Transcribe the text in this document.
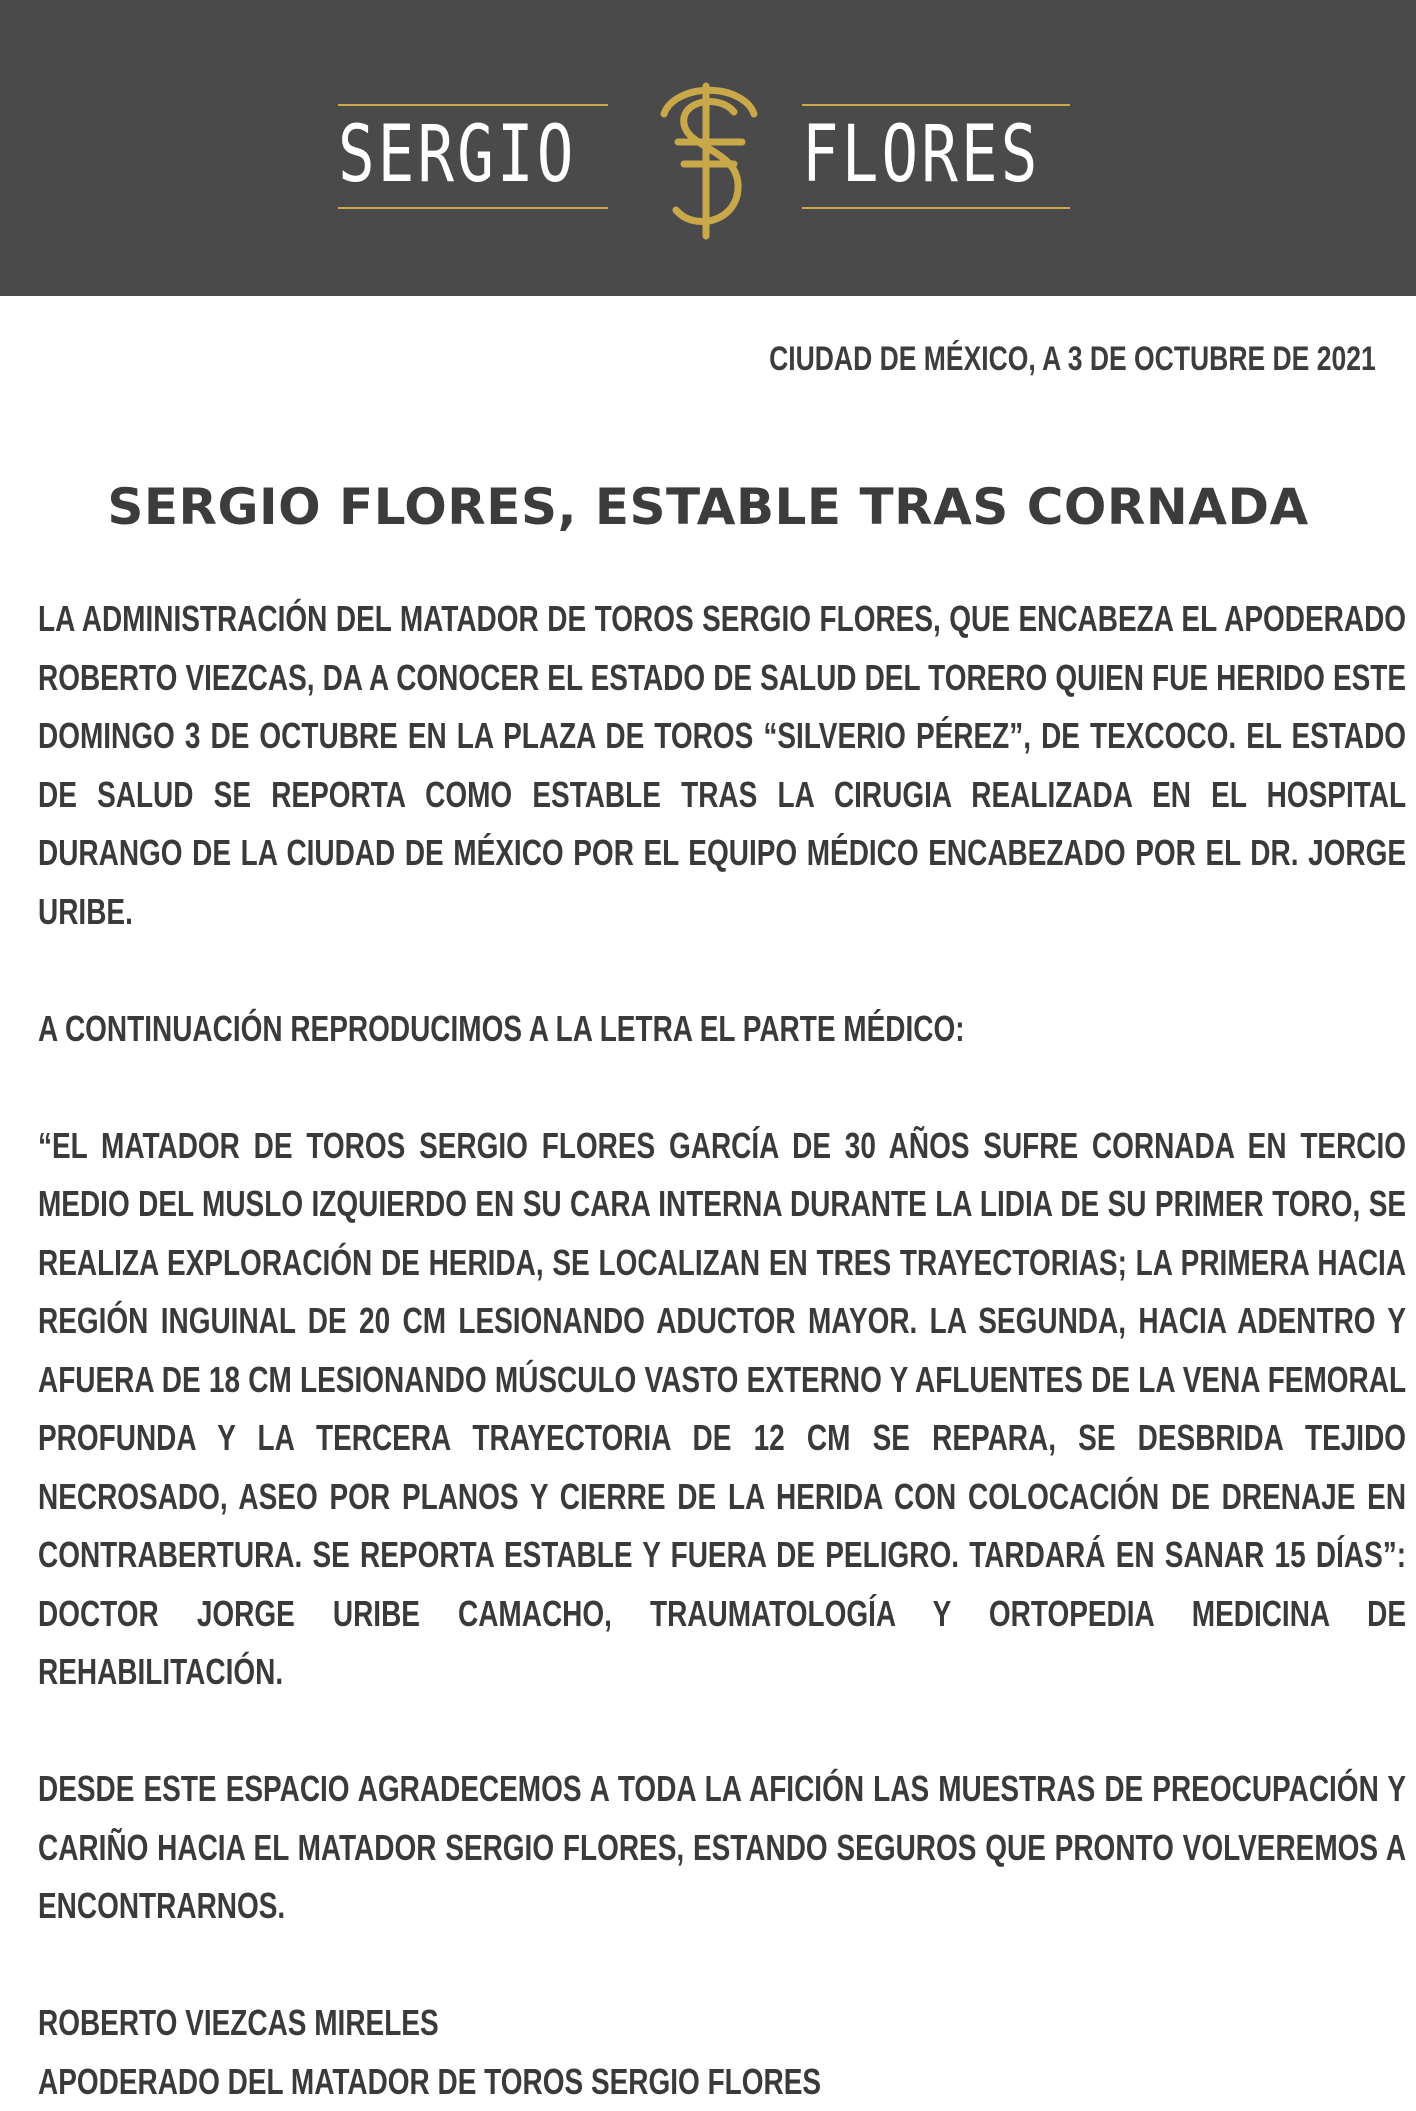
SERGIO	FLORES
CIUDAD DE MÉXICO, A 3 DE OCTUBRE DE 2021
SERGIO FLORES, ESTABLE TRAS CORNADA

LA ADMINISTRACIÓN DEL MATADOR DE TOROS SERGIO FLORES, QUE ENCABEZA EL APODERADO ROBERTO VIEZCAS, DA A CONOCER EL ESTADO DE SALUD DEL TORERO QUIEN FUE HERIDO ESTE DOMINGO 3 DE OCTUBRE EN LA PLAZA DE TOROS “SILVERIO PÉREZ”, DE TEXCOCO. EL ESTADO DE SALUD SE REPORTA COMO ESTABLE TRAS LA CIRUGIA REALIZADA EN EL HOSPITAL DURANGO DE LA CIUDAD DE MÉXICO POR EL EQUIPO MÉDICO ENCABEZADO POR EL DR. JORGE URIBE.

A CONTINUACIÓN REPRODUCIMOS A LA LETRA EL PARTE MÉDICO:

“EL MATADOR DE TOROS SERGIO FLORES GARCÍA DE 30 AÑOS SUFRE CORNADA EN TERCIO MEDIO DEL MUSLO IZQUIERDO EN SU CARA INTERNA DURANTE LA LIDIA DE SU PRIMER TORO, SE REALIZA EXPLORACIÓN DE HERIDA, SE LOCALIZAN EN TRES TRAYECTORIAS; LA PRIMERA HACIA REGIÓN INGUINAL DE 20 CM LESIONANDO ADUCTOR MAYOR. LA SEGUNDA, HACIA ADENTRO Y AFUERA DE 18 CM LESIONANDO MÚSCULO VASTO EXTERNO Y AFLUENTES DE LA VENA FEMORAL PROFUNDA Y LA TERCERA TRAYECTORIA DE 12 CM SE REPARA, SE DESBRIDA TEJIDO NECROSADO, ASEO POR PLANOS Y CIERRE DE LA HERIDA CON COLOCACIÓN DE DRENAJE EN CONTRABERTURA. SE REPORTA ESTABLE Y FUERA DE PELIGRO. TARDARÁ EN SANAR 15 DÍAS”: DOCTOR JORGE URIBE CAMACHO, TRAUMATOLOGÍA Y ORTOPEDIA MEDICINA DE REHABILITACIÓN.

DESDE ESTE ESPACIO AGRADECEMOS A TODA LA AFICIÓN LAS MUESTRAS DE PREOCUPACIÓN Y CARIÑO HACIA EL MATADOR SERGIO FLORES, ESTANDO SEGUROS QUE PRONTO VOLVEREMOS A ENCONTRARNOS.

ROBERTO VIEZCAS MIRELES

APODERADO DEL MATADOR DE TOROS SERGIO FLORES
